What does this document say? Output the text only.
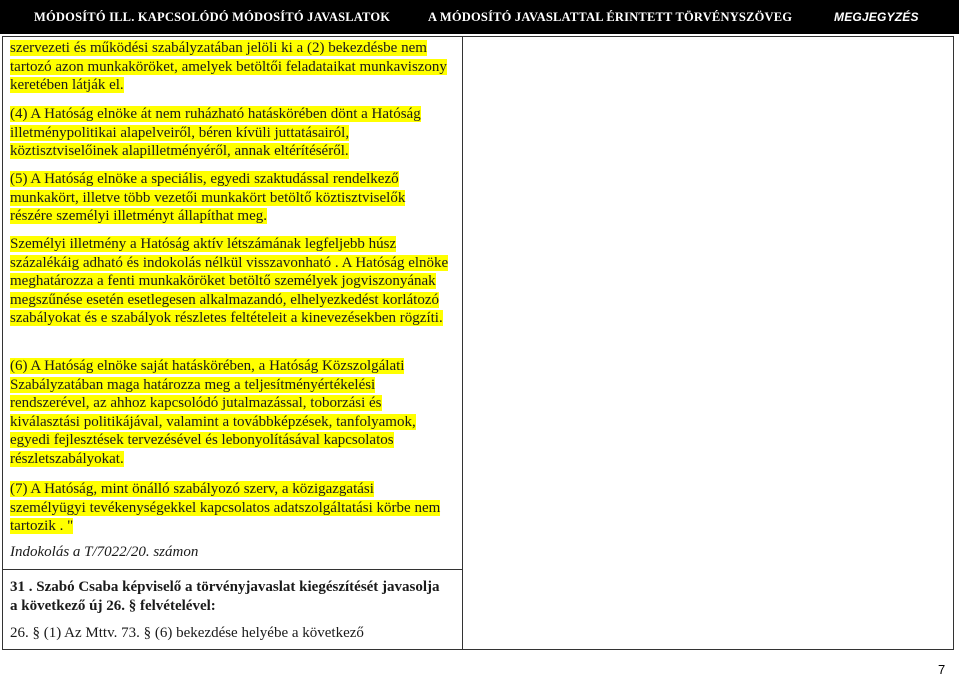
MÓDOSÍTÓ ILL. KAPCSOLÓDÓ MÓDOSÍTÓ JAVASLATOK	A MÓDOSÍTÓ JAVASLATTAL ÉRINTETT TÖRVÉNYSZÖVEG	MEGJEGYZÉS

szervezeti és működési szabályzatában jelöli ki a (2) bekezdésbe nem tartozó azon munkaköröket, amelyek betöltői feladataikat munkaviszony keretében látják el.

(4) A Hatóság elnöke át nem ruházható hatáskörében dönt a Hatóság illetménypolitikai alapelveiről, béren kívüli juttatásairól, köztisztviselőinek alapilletményéről, annak eltérítéséről.

(5) A Hatóság elnöke a speciális, egyedi szaktudással rendelkező munkakört, illetve több vezetői munkakört betöltő köztisztviselők részére személyi illetményt állapíthat meg.

Személyi illetmény a Hatóság aktív létszámának legfeljebb húsz százalékáig adható és indokolás nélkül visszavonható . A Hatóság elnöke meghatározza a fenti munkaköröket betöltő személyek jogviszonyának megszűnése esetén esetlegesen alkalmazandó, elhelyezkedést korlátozó szabályokat és e szabályok részletes feltételeit a kinevezésekben rögzíti.

(6) A Hatóság elnöke saját hatáskörében, a Hatóság Közszolgálati Szabályzatában maga határozza meg a teljesítményértékelési rendszerével, az ahhoz kapcsolódó jutalmazással, toborzási és kiválasztási politikájával, valamint a továbbképzések, tanfolyamok, egyedi fejlesztések tervezésével és lebonyolításával kapcsolatos részletszabályokat.

(7) A Hatóság, mint önálló szabályozó szerv, a közigazgatási személyügyi tevékenységekkel kapcsolatos adatszolgáltatási körbe nem tartozik . "

Indokolás a T/7022/20. számon

31 . Szabó Csaba képviselő a törvényjavaslat kiegészítését javasolja a következő új 26. § felvételével:

26. § (1) Az Mttv. 73. § (6) bekezdése helyébe a következő

7
